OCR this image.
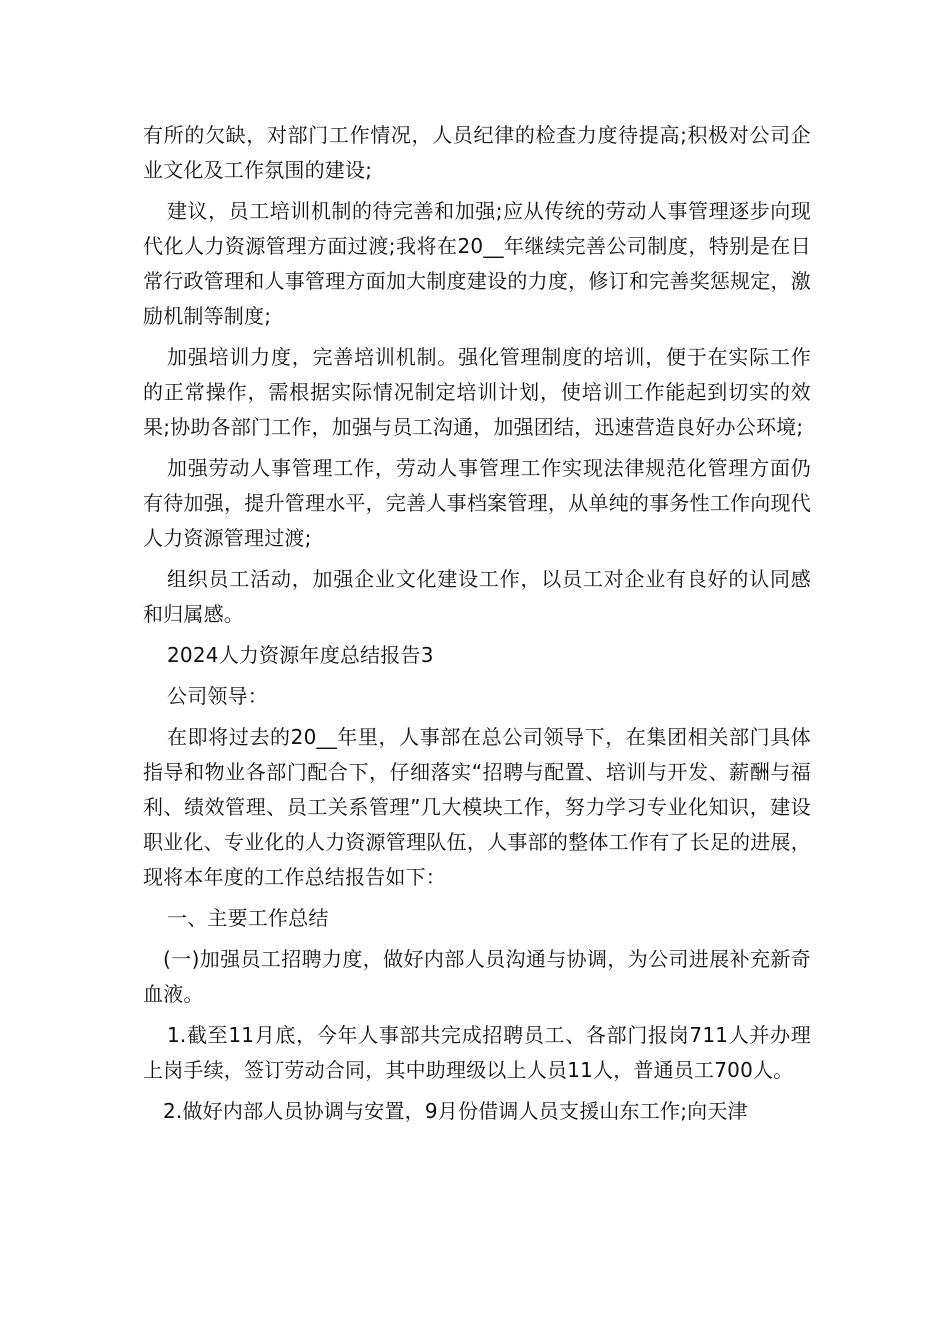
有所的欠缺，对部门工作情况，人员纪律的检查力度待提高;积极对公司企业文化及工作氛围的建设;

建议，员工培训机制的待完善和加强;应从传统的劳动人事管理逐步向现代化人力资源管理方面过渡;我将在20__年继续完善公司制度，特别是在日常行政管理和人事管理方面加大制度建设的力度，修订和完善奖惩规定，激励机制等制度;

加强培训力度，完善培训机制。强化管理制度的培训，便于在实际工作的正常操作，需根据实际情况制定培训计划，使培训工作能起到切实的效果;协助各部门工作，加强与员工沟通，加强团结，迅速营造良好办公环境;

加强劳动人事管理工作，劳动人事管理工作实现法律规范化管理方面仍有待加强，提升管理水平，完善人事档案管理，从单纯的事务性工作向现代人力资源管理过渡;

组织员工活动，加强企业文化建设工作，以员工对企业有良好的认同感和归属感。

2024人力资源年度总结报告3

公司领导：

在即将过去的20__年里，人事部在总公司领导下，在集团相关部门具体指导和物业各部门配合下，仔细落实“招聘与配置、培训与开发、薪酬与福利、绩效管理、员工关系管理”几大模块工作，努力学习专业化知识，建设职业化、专业化的人力资源管理队伍，人事部的整体工作有了长足的进展，现将本年度的工作总结报告如下：

一、主要工作总结

(一)加强员工招聘力度，做好内部人员沟通与协调，为公司进展补充新奇血液。

1.截至11月底，今年人事部共完成招聘员工、各部门报岗711人并办理上岗手续，签订劳动合同，其中助理级以上人员11人，普通员工700人。

2.做好内部人员协调与安置，9月份借调人员支援山东工作;向天津
